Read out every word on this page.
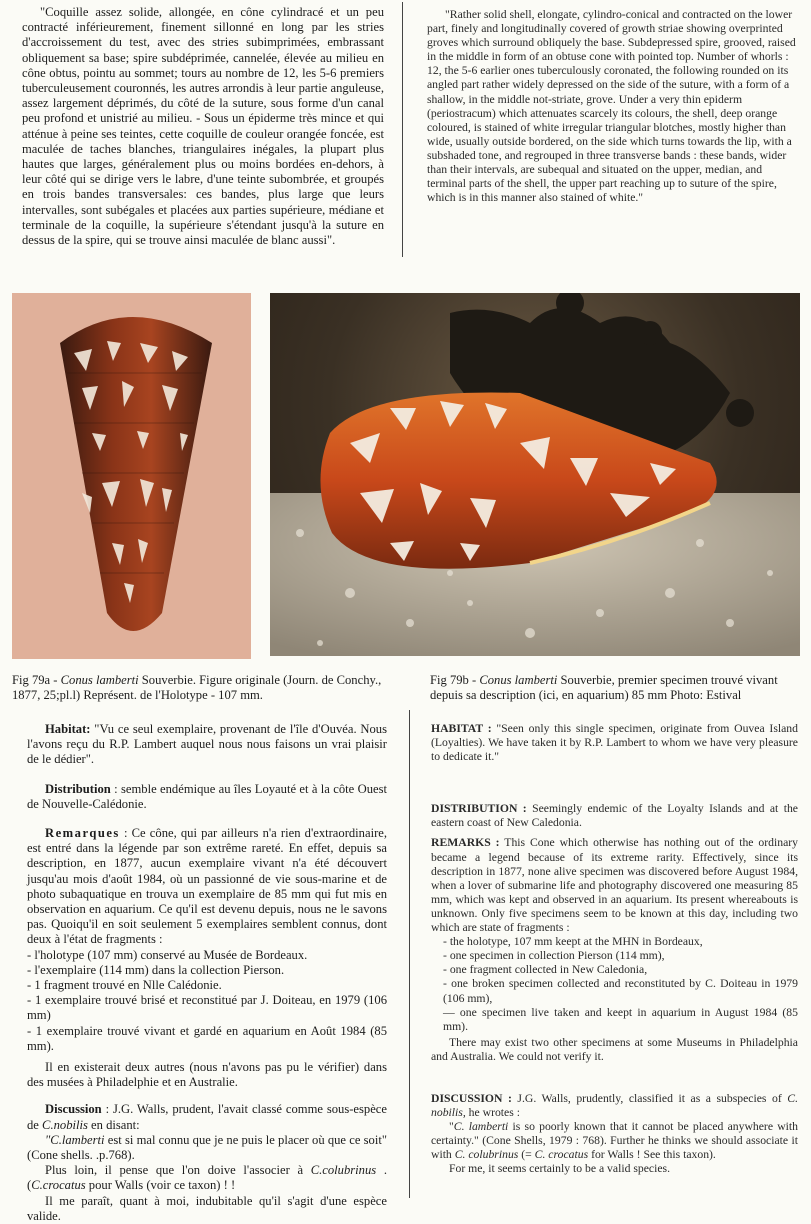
"Coquille assez solide, allongée, en cône cylindracé et un peu contracté inférieurement, finement sillonné en long par les stries d'accroissement du test, avec des stries subimprimées, embrassant obliquement sa base; spire subdéprimée, cannelée, élevée au milieu en cône obtus, pointu au sommet; tours au nombre de 12, les 5-6 premiers tuberculeusement couronnés, les autres arrondis à leur partie anguleuse, assez largement déprimés, du côté de la suture, sous forme d'un canal peu profond et unistrié au milieu. - Sous un épiderme très mince et qui atténue à peine ses teintes, cette coquille de couleur orangée foncée, est maculée de taches blanches, triangulaires inégales, la plupart plus hautes que larges, généralement plus ou moins bordées en-dehors, à leur côté qui se dirige vers le labre, d'une teinte subombrée, et groupés en trois bandes transversales: ces bandes, plus large que leurs intervalles, sont subégales et placées aux parties supérieure, médiane et terminale de la coquille, la supérieure s'étendant jusqu'à la suture en dessus de la spire, qui se trouve ainsi maculée de blanc aussi".

"Rather solid shell, elongate, cylindro-conical and contracted on the lower part, finely and longitudinally covered of growth striae showing overprinted groves which surround obliquely the base. Subdepressed spire, grooved, raised in the middle in form of an obtuse cone with pointed top. Number of whorls : 12, the 5-6 earlier ones tuberculously coronated, the following rounded on its angled part rather widely depressed on the side of the suture, with a form of a shallow, in the middle not-striate, grove. Under a very thin epiderm (periostracum) which attenuates scarcely its colours, the shell, deep orange coloured, is stained of white irregular triangular blotches, mostly higher than wide, usually outside bordered, on the side which turns towards the lip, with a subshaded tone, and regrouped in three transverse bands : these bands, wider than their intervals, are subequal and situated on the upper, median, and terminal parts of the shell, the upper part reaching up to suture of the spire, which is in this manner also stained of white."

Fig 79a - Conus lamberti Souverbie. Figure originale (Journ. de Conchy., 1877, 25;pl.l) Représent. de l'Holotype - 107 mm.
Fig 79b - Conus lamberti Souverbie, premier specimen trouvé vivant depuis sa description (ici, en aquarium) 85 mm Photo: Estival

Habitat: "Vu ce seul exemplaire, provenant de l'île d'Ouvéa. Nous l'avons reçu du R.P. Lambert auquel nous nous faisons un vrai plaisir de le dédier".

Distribution : semble endémique au îles Loyauté et à la côte Ouest de Nouvelle-Calédonie.

Remarques : Ce cône, qui par ailleurs n'a rien d'extraordinaire, est entré dans la légende par son extrême rareté. En effet, depuis sa description, en 1877, aucun exemplaire vivant n'a été découvert jusqu'au mois d'août 1984, où un passionné de vie sous-marine et de photo subaquatique en trouva un exemplaire de 85 mm qui fut mis en observation en aquarium. Ce qu'il est devenu depuis, nous ne le savons pas. Quoiqu'il en soit seulement 5 exemplaires semblent connus, dont deux à l'état de fragments :

- l'holotype (107 mm) conservé au Musée de Bordeaux.

- l'exemplaire (114 mm) dans la collection Pierson.

- 1 fragment trouvé en Nlle Calédonie.

- 1 exemplaire trouvé brisé et reconstitué par J. Doiteau, en 1979 (106 mm)

- 1 exemplaire trouvé vivant et gardé en aquarium en Août 1984 (85 mm).

Il en existerait deux autres (nous n'avons pas pu le vérifier) dans des musées à Philadelphie et en Australie.

Discussion : J.G. Walls, prudent, l'avait classé comme sous-espèce de C.nobilis en disant:

"C.lamberti est si mal connu que je ne puis le placer où que ce soit" (Cone shells. .p.768).

Plus loin, il pense que l'on doive l'associer à C.colubrinus . (C.crocatus pour Walls (voir ce taxon) ! !

Il me paraît, quant à moi, indubitable qu'il s'agit d'une espèce valide.

HABITAT : "Seen only this single specimen, originate from Ouvea Island (Loyalties). We have taken it by R.P. Lambert to whom we have very pleasure to dedicate it."

DISTRIBUTION : Seemingly endemic of the Loyalty Islands and at the eastern coast of New Caledonia.

REMARKS : This Cone which otherwise has nothing out of the ordinary became a legend because of its extreme rarity. Effectively, since its description in 1877, none alive specimen was discovered before August 1984, when a lover of submarine life and photography discovered one measuring 85 mm, which was kept and observed in an aquarium. Its present whereabouts is unknown. Only five specimens seem to be known at this day, including two which are state of fragments :

- the holotype, 107 mm keept at the MHN in Bordeaux,

- one specimen in collection Pierson (114 mm),

- one fragment collected in New Caledonia,

- one broken specimen collected and reconstituted by C. Doiteau in 1979 (106 mm),

— one specimen live taken and keept in aquarium in August 1984 (85 mm).

There may exist two other specimens at some Museums in Philadelphia and Australia. We could not verify it.

DISCUSSION : J.G. Walls, prudently, classified it as a subspecies of C. nobilis, he wrotes :

"C. lamberti is so poorly known that it cannot be placed anywhere with certainty." (Cone Shells, 1979 : 768). Further he thinks we should associate it with C. colubrinus (= C. crocatus for Walls ! See this taxon).

For me, it seems certainly to be a valid species.
